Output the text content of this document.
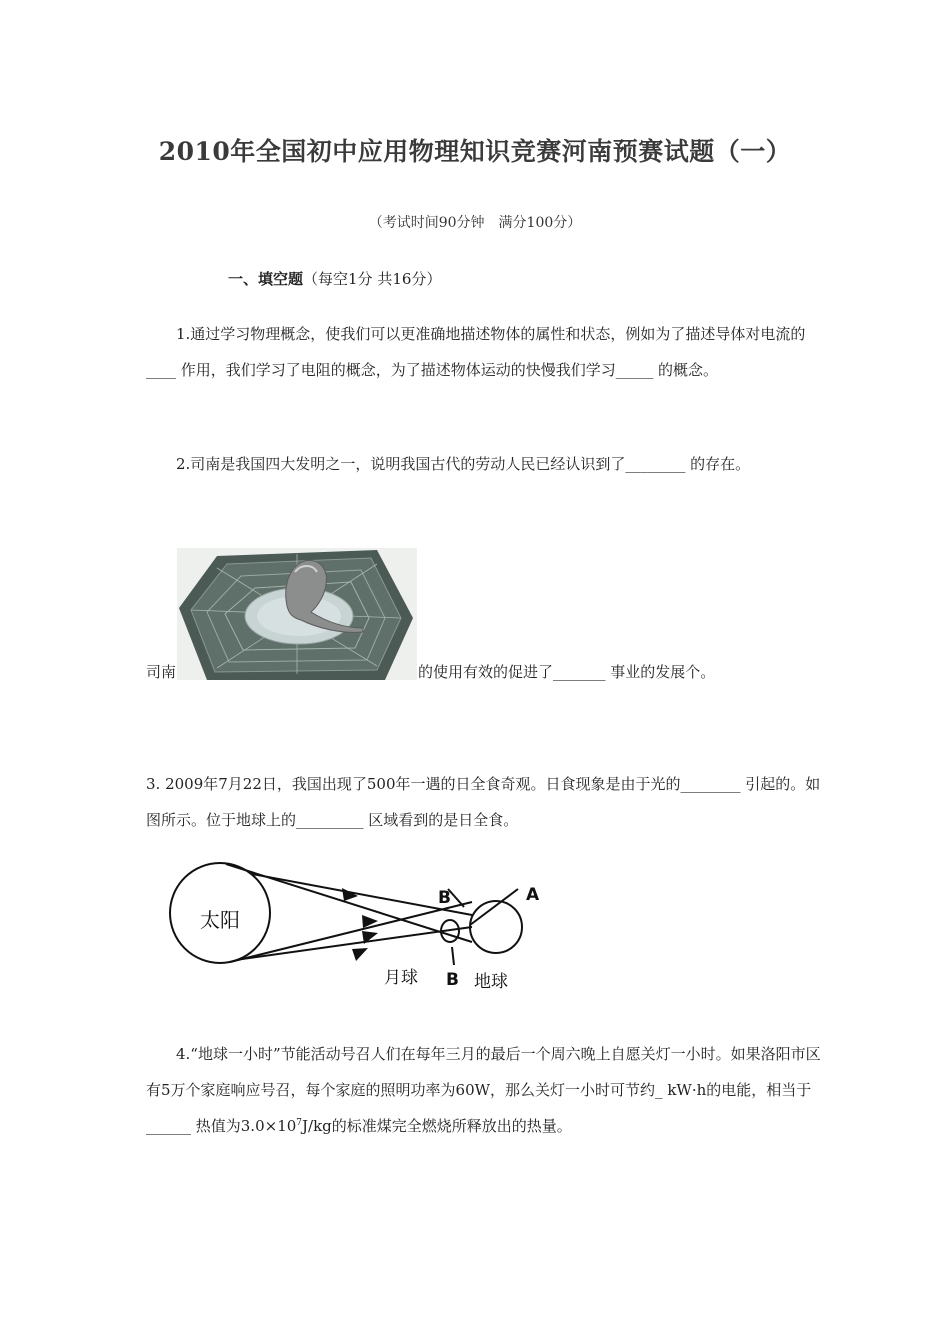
2010年全国初中应用物理知识竞赛河南预赛试题（一）
（考试时间90分钟　满分100分）
一、填空题（每空1分 共16分）

1.通过学习物理概念，使我们可以更准确地描述物体的属性和状态，例如为了描述导体对电流的____ 作用，我们学习了电阻的概念，为了描述物体运动的快慢我们学习_____ 的概念。

2.司南是我国四大发明之一，说明我国古代的劳动人民已经认识到了________ 的存在。

司南	的使用有效的促进了_______ 事业的发展个。

3. 2009年7月22日，我国出现了500年一遇的日全食奇观。日食现象是由于光的________ 引起的。如图所示。位于地球上的_________ 区域看到的是日全食。

太阳
月球	地球
B
B
A

4.“地球一小时”节能活动号召人们在每年三月的最后一个周六晚上自愿关灯一小时。如果洛阳市区有5万个家庭响应号召，每个家庭的照明功率为60W，那么关灯一小时可节约_ kW·h的电能，相当于______ 热值为$3.0\times 10^7J/kg$的标准煤完全燃烧所释放出的热量。
